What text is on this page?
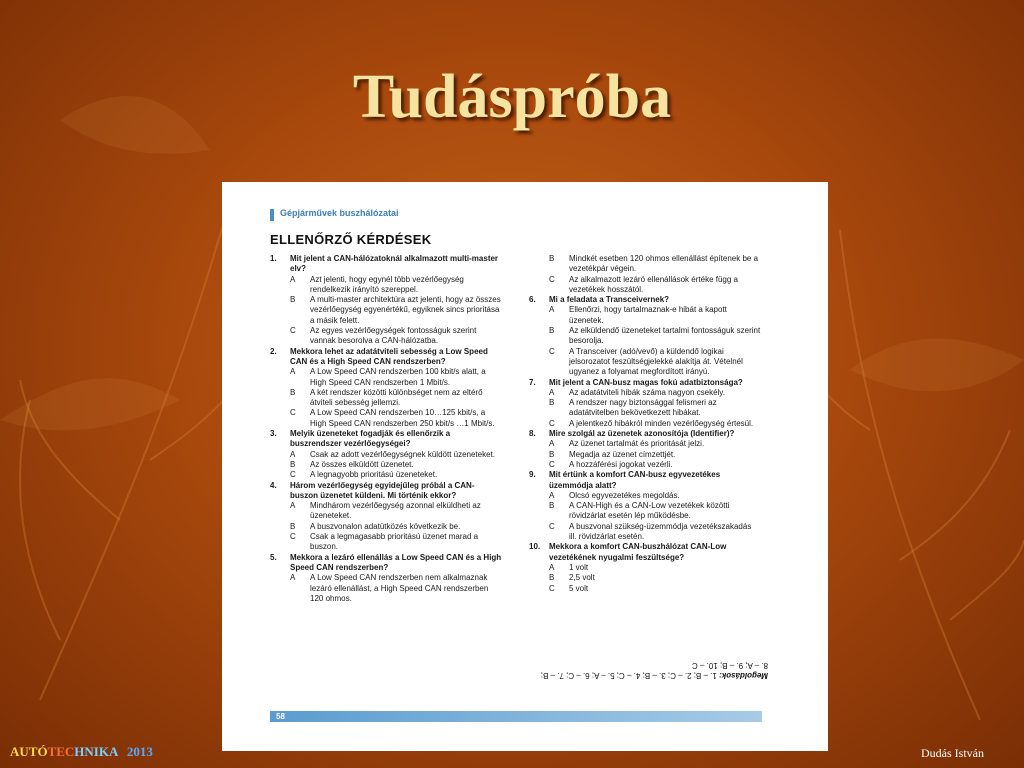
Tudáspróba
Gépjárművek buszhálózatai
ELLENŐRZŐ KÉRDÉSEK
1. Mit jelent a CAN-hálózatoknál alkalmazott multi-master elv?
A Azt jelenti, hogy egynél több vezérlőegység rendelkezik irányító szereppel.
B A multi-master architektúra azt jelenti, hogy az összes vezérlőegység egyenértékű, egyiknek sincs prioritása a másik felett.
C Az egyes vezérlőegységek fontosságuk szerint vannak besorolva a CAN-hálózatba.
2. Mekkora lehet az adatátviteli sebesség a Low Speed CAN és a High Speed CAN rendszerben?
A A Low Speed CAN rendszerben 100 kbit/s alatt, a High Speed CAN rendszerben 1 Mbit/s.
B A két rendszer közötti különbséget nem az eltérő átviteli sebesség jellemzi.
C A Low Speed CAN rendszerben 10…125 kbit/s, a High Speed CAN rendszerben 250 kbit/s …1 Mbit/s.
3. Melyik üzeneteket fogadják és ellenőrzik a buszrendszer vezérlőegységei?
A Csak az adott vezérlőegységnek küldött üzeneteket.
B Az összes elküldött üzenetet.
C A legnagyobb prioritású üzeneteket.
4. Három vezérlőegység egyidejűleg próbál a CAN-buszon üzenetet küldeni. Mi történik ekkor?
A Mindhárom vezérlőegység azonnal elküldheti az üzeneteket.
B A buszvonalon adatütközés következik be.
C Csak a legmagasabb prioritású üzenet marad a buszon.
5. Mekkora a lezáró ellenállás a Low Speed CAN és a High Speed CAN rendszerben?
A A Low Speed CAN rendszerben nem alkalmaznak lezáró ellenállást, a High Speed CAN rendszerben 120 ohmos.
B Mindkét esetben 120 ohmos ellenállást építenek be a vezetékpár végein.
C Az alkalmazott lezáró ellenállások értéke függ a vezetékek hosszától.
6. Mi a feladata a Transceivernek?
A Ellenőrzi, hogy tartalmaznak-e hibát a kapott üzenetek.
B Az elküldendő üzeneteket tartalmi fontosságuk szerint besorolja.
C A Transceiver (adó/vevő) a küldendő logikai jelsorozatot feszültségjelekké alakítja át. Vételnél ugyanez a folyamat megfordított irányú.
7. Mit jelent a CAN-busz magas fokú adatbiztonsága?
A Az adatátviteli hibák száma nagyon csekély.
B A rendszer nagy biztonsággal felismeri az adatátvitelben bekövetkezett hibákat.
C A jelentkező hibákról minden vezérlőegység értesül.
8. Mire szolgál az üzenetek azonosítója (Identifier)?
A Az üzenet tartalmát és prioritását jelzi.
B Megadja az üzenet címzettjét.
C A hozzáférési jogokat vezérli.
9. Mit értünk a komfort CAN-busz egyvezetékes üzemmódja alatt?
A Olcsó egyvezetékes megoldás.
B A CAN-High és a CAN-Low vezetékek közötti rövidzárlat esetén lép működésbe.
C A buszvonal szükség-üzemmódja vezetékszakadás ill. rövidzárlat esetén.
10. Mekkora a komfort CAN-buszhálózat CAN-Low vezetékének nyugalmi feszültsége?
A 1 volt
B 2,5 volt
C 5 volt
Megoldások: 1. – B; 2. – C; 3. – B; 4. – C; 5. – A; 6. – C; 7. – B; 8. – A; 9. – B; 10. – C
58
AUTÓTECHNIKA 2013	Dudás István
